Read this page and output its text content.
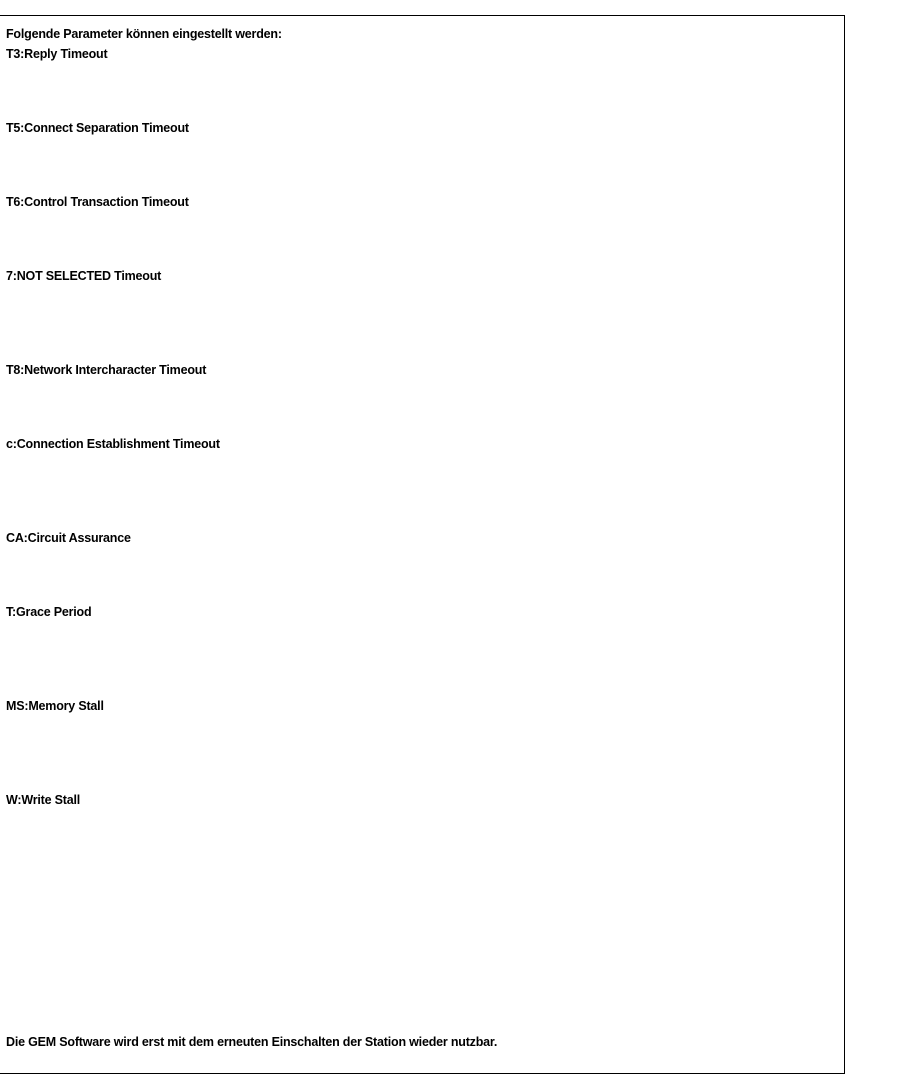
Folgende Parameter können eingestellt werden:
T3:Reply Timeout
T5:Connect Separation Timeout
T6:Control Transaction Timeout
7:NOT SELECTED Timeout
T8:Network Intercharacter Timeout
c:Connection Establishment Timeout
CA:Circuit Assurance
T:Grace Period
MS:Memory Stall
W:Write Stall
Die GEM Software wird erst mit dem erneuten Einschalten der Station wieder nutzbar.
